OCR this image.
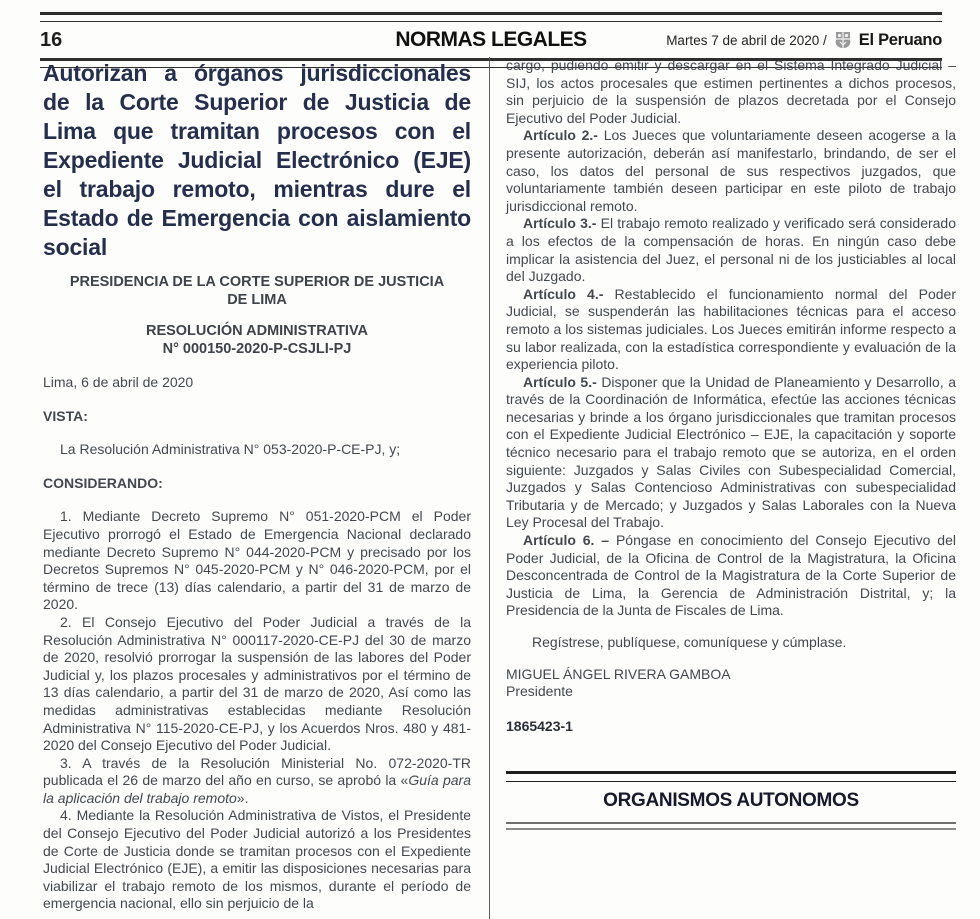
16	NORMAS LEGALES	Martes 7 de abril de 2020 / El Peruano
Autorizan a órganos jurisdiccionales de la Corte Superior de Justicia de Lima que tramitan procesos con el Expediente Judicial Electrónico (EJE) el trabajo remoto, mientras dure el Estado de Emergencia con aislamiento social
PRESIDENCIA DE LA CORTE SUPERIOR DE JUSTICIA DE LIMA
RESOLUCIÓN ADMINISTRATIVA
N° 000150-2020-P-CSJLI-PJ

Lima, 6 de abril de 2020

VISTA:

La Resolución Administrativa N° 053-2020-P-CE-PJ, y;

CONSIDERANDO:

1. Mediante Decreto Supremo N° 051-2020-PCM el Poder Ejecutivo prorrogó el Estado de Emergencia Nacional declarado mediante Decreto Supremo N° 044-2020-PCM y precisado por los Decretos Supremos N° 045-2020-PCM y N° 046-2020-PCM, por el término de trece (13) días calendario, a partir del 31 de marzo de 2020.

2. El Consejo Ejecutivo del Poder Judicial a través de la Resolución Administrativa N° 000117-2020-CE-PJ del 30 de marzo de 2020, resolvió prorrogar la suspensión de las labores del Poder Judicial y, los plazos procesales y administrativos por el término de 13 días calendario, a partir del 31 de marzo de 2020, Así como las medidas administrativas establecidas mediante Resolución Administrativa N° 115-2020-CE-PJ, y los Acuerdos Nros. 480 y 481-2020 del Consejo Ejecutivo del Poder Judicial.

3. A través de la Resolución Ministerial No. 072-2020-TR publicada el 26 de marzo del año en curso, se aprobó la «Guía para la aplicación del trabajo remoto».

4. Mediante la Resolución Administrativa de Vistos, el Presidente del Consejo Ejecutivo del Poder Judicial autorizó a los Presidentes de Corte de Justicia donde se tramitan procesos con el Expediente Judicial Electrónico (EJE), a emitir las disposiciones necesarias para viabilizar el trabajo remoto de los mismos, durante el período de emergencia nacional, ello sin perjuicio de la

cargo, pudiendo emitir y descargar en el Sistema Integrado Judicial – SIJ, los actos procesales que estimen pertinentes a dichos procesos, sin perjuicio de la suspensión de plazos decretada por el Consejo Ejecutivo del Poder Judicial.

Artículo 2.- Los Jueces que voluntariamente deseen acogerse a la presente autorización, deberán así manifestarlo, brindando, de ser el caso, los datos del personal de sus respectivos juzgados, que voluntariamente también deseen participar en este piloto de trabajo jurisdiccional remoto.

Artículo 3.- El trabajo remoto realizado y verificado será considerado a los efectos de la compensación de horas. En ningún caso debe implicar la asistencia del Juez, el personal ni de los justiciables al local del Juzgado.

Artículo 4.- Restablecido el funcionamiento normal del Poder Judicial, se suspenderán las habilitaciones técnicas para el acceso remoto a los sistemas judiciales. Los Jueces emitirán informe respecto a su labor realizada, con la estadística correspondiente y evaluación de la experiencia piloto.

Artículo 5.- Disponer que la Unidad de Planeamiento y Desarrollo, a través de la Coordinación de Informática, efectúe las acciones técnicas necesarias y brinde a los órgano jurisdiccionales que tramitan procesos con el Expediente Judicial Electrónico – EJE, la capacitación y soporte técnico necesario para el trabajo remoto que se autoriza, en el orden siguiente: Juzgados y Salas Civiles con Subespecialidad Comercial, Juzgados y Salas Contencioso Administrativas con subespecialidad Tributaria y de Mercado; y Juzgados y Salas Laborales con la Nueva Ley Procesal del Trabajo.

Artículo 6. – Póngase en conocimiento del Consejo Ejecutivo del Poder Judicial, de la Oficina de Control de la Magistratura, la Oficina Desconcentrada de Control de la Magistratura de la Corte Superior de Justicia de Lima, la Gerencia de Administración Distrital, y; la Presidencia de la Junta de Fiscales de Lima.

Regístrese, publíquese, comuníquese y cúmplase.

MIGUEL ÁNGEL RIVERA GAMBOA
Presidente

1865423-1

ORGANISMOS AUTONOMOS
